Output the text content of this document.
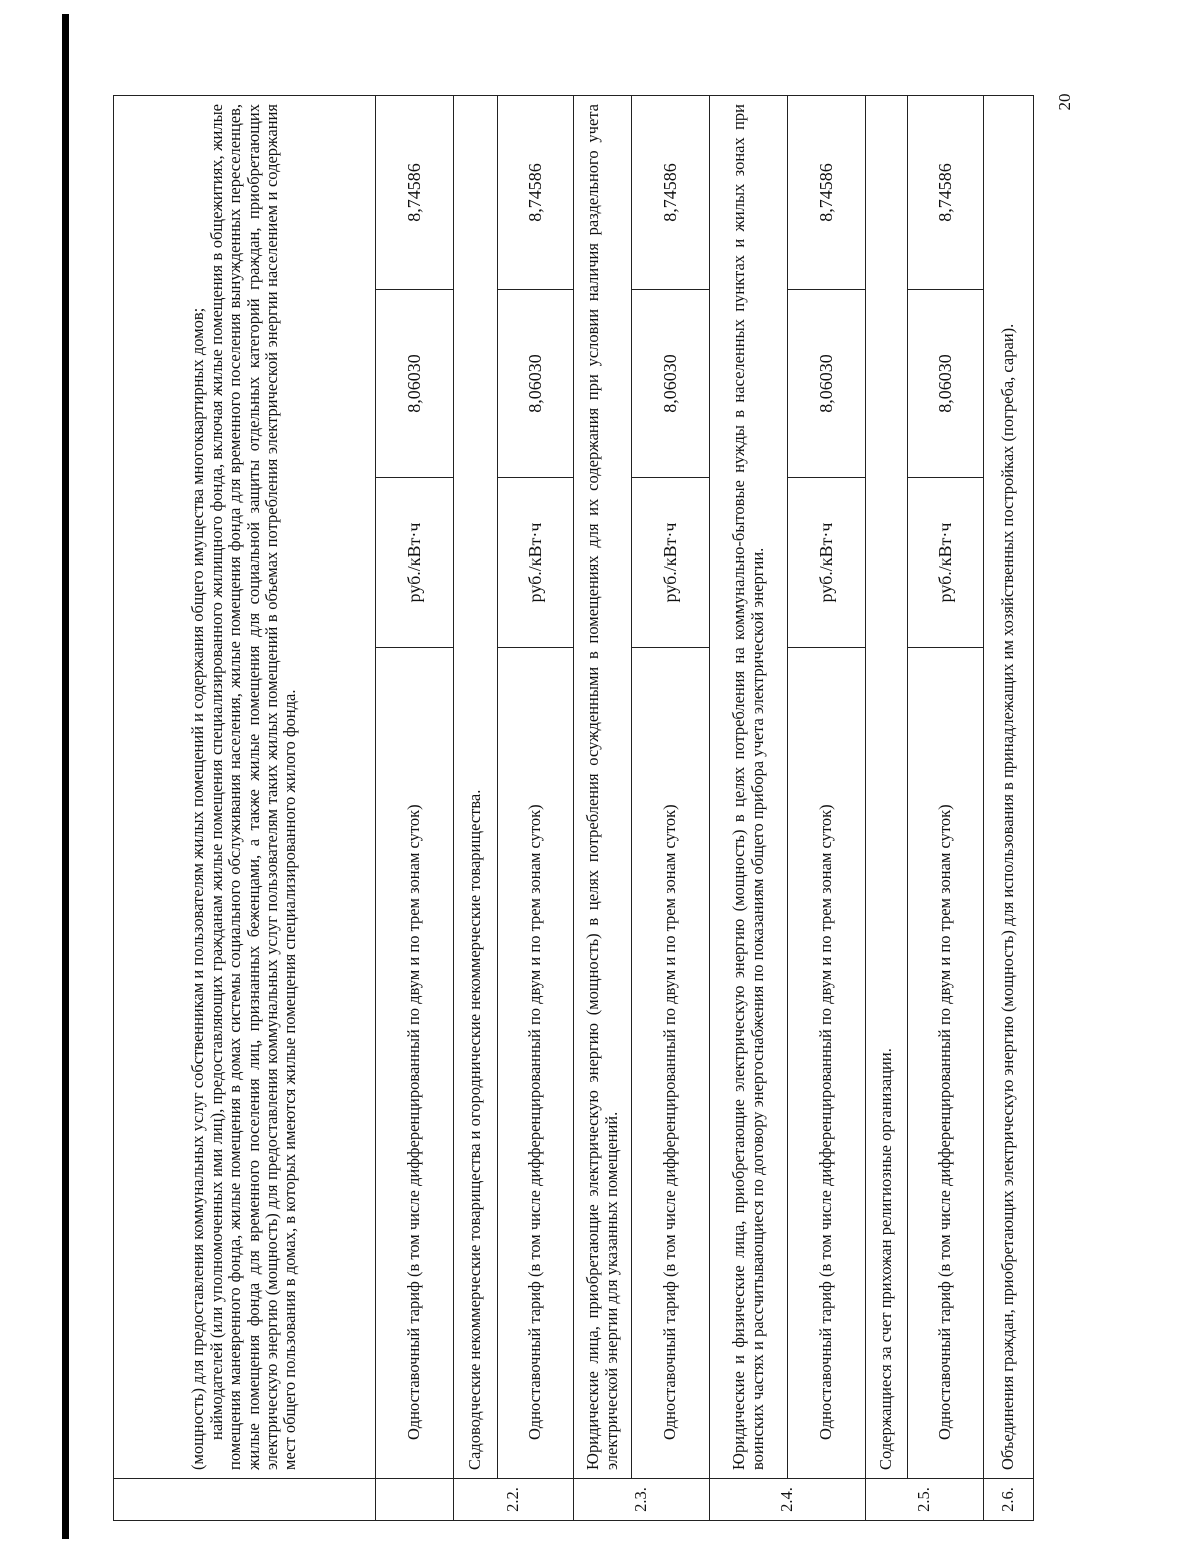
20

	(мощность) для предоставления коммунальных услуг собственникам и пользователям жилых помещений и содержания общего имущества многоквартирных домов; наймодателей (или уполномоченных ими лиц), предоставляющих гражданам жилые помещения специализированного жилищного фонда, включая жилые помещения в общежитиях, жилые помещения маневренного фонда, жилые помещения в домах системы социального обслуживания населения, жилые помещения фонда для временного поселения вынужденных переселенцев, жилые помещения фонда для временного поселения лиц, признанных беженцами, а также жилые помещения для социальной защиты отдельных категорий граждан, приобретающих электрическую энергию (мощность) для предоставления коммунальных услуг пользователям таких жилых помещений в объемах потребления электрической энергии населением и содержания мест общего пользования в домах, в которых имеются жилые помещения специализированного жилого фонда.			

	Одноставочный тариф (в том числе дифференцированный по двум и по трем зонам суток)	руб./кВт·ч	8,06030	8,74586
2.2.	Садоводческие некоммерческие товарищества и огороднические некоммерческие товарищества.			
	Одноставочный тариф (в том числе дифференцированный по двум и по трем зонам суток)	руб./кВт·ч	8,06030	8,74586
2.3.	Юридические лица, приобретающие электрическую энергию (мощность) в целях потребления осужденными в помещениях для их содержания при условии наличия раздельного учета электрической энергии для указанных помещений.			
	Одноставочный тариф (в том числе дифференцированный по двум и по трем зонам суток)	руб./кВт·ч	8,06030	8,74586
2.4.	Юридические и физические лица, приобретающие электрическую энергию (мощность) в целях потребления на коммунально-бытовые нужды в населенных пунктах и жилых зонах при воинских частях и рассчитывающиеся по договору энергоснабжения по показаниям общего прибора учета электрической энергии.			
	Одноставочный тариф (в том числе дифференцированный по двум и по трем зонам суток)	руб./кВт·ч	8,06030	8,74586
2.5.	Содержащиеся за счет прихожан религиозные организации.			
	Одноставочный тариф (в том числе дифференцированный по двум и по трем зонам суток)	руб./кВт·ч	8,06030	8,74586
2.6.	Объединения граждан, приобретающих электрическую энергию (мощность) для использования в принадлежащих им хозяйственных постройках (погреба, сараи).			
